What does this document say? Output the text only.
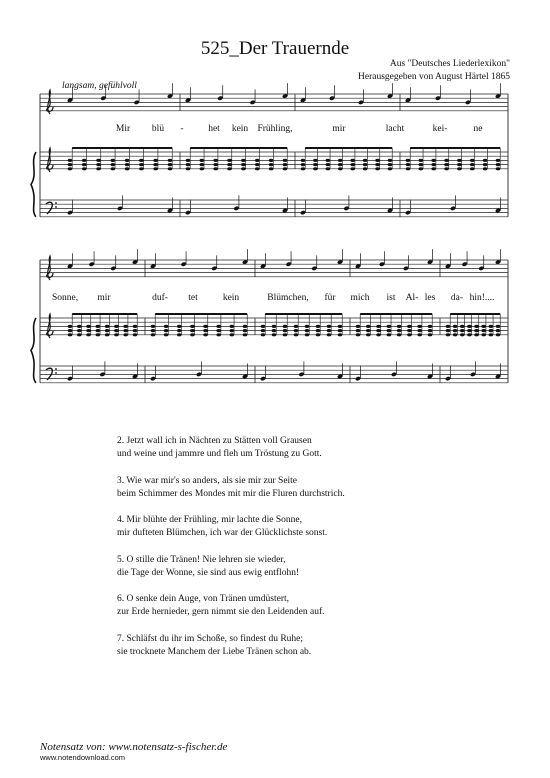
525_Der Trauernde
Aus "Deutsches Liederlexikon"
Herausgegeben von August Härtel 1865
langsam, gefühlvoll
Mir blü -	het kein Frühling,	mir	lacht	kei-	ne
Sonne, mir	duf- tet	kein	Blümchen, für mich ist Al- les da- hin!....
2. Jetzt wall ich in Nächten zu Stätten voll Grausen
und weine und jammre und fleh um Tröstung zu Gott.
3. Wie war mir's so anders, als sie mir zur Seite
beim Schimmer des Mondes mit mir die Fluren durchstrich.
4. Mir blühte der Frühling, mir lachte die Sonne,
mir dufteten Blümchen, ich war der Glücklichste sonst.
5. O stille die Tränen! Nie lehren sie wieder,
die Tage der Wonne, sie sind aus ewig entflohn!
6. O senke dein Auge, von Tränen umdüstert,
zur Erde hernieder, gern nimmt sie den Leidenden auf.
7. Schläfst du ihr im Schoße, so findest du Ruhe;
sie trocknete Manchem der Liebe Tränen schon ab.
Notensatz von: www.notensatz-s-fischer.de
www.notendownload.com
